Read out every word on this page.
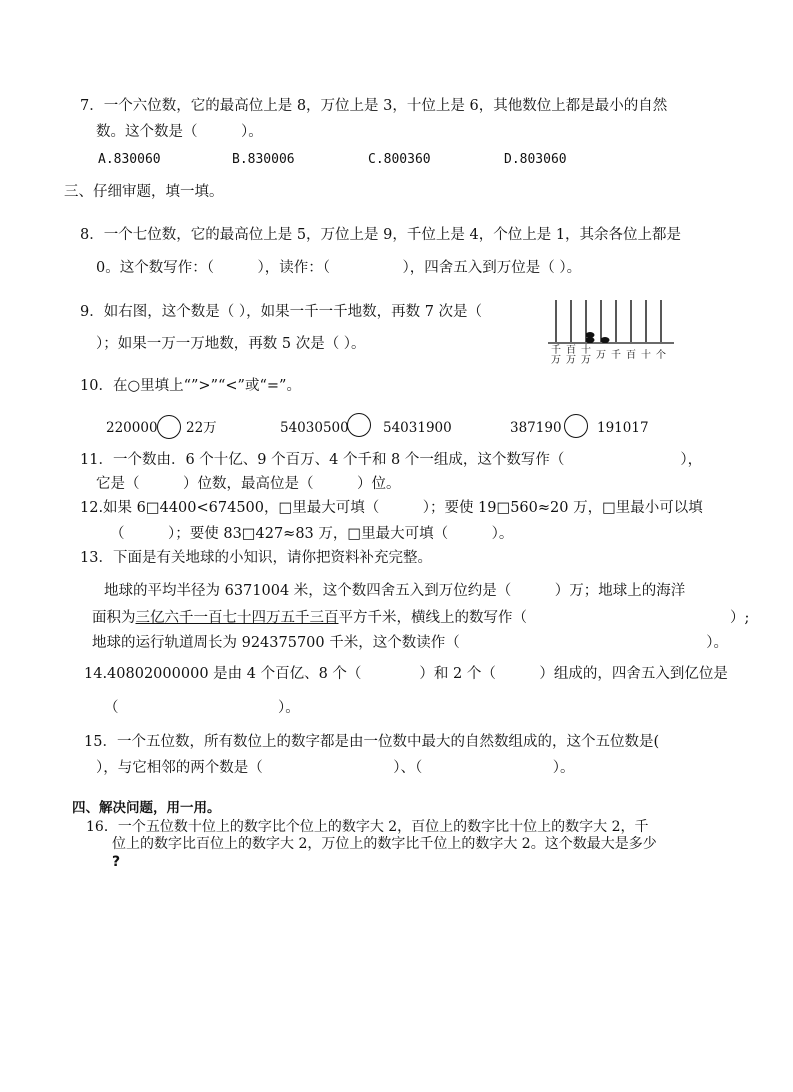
7．一个六位数，它的最高位上是 8，万位上是 3，十位上是 6，其他数位上都是最小的自然
数。这个数是（　　　）。
A.830060	B.830006	C.800360	D.803060
三、仔细审题，填一填。
8．一个七位数，它的最高位上是 5，万位上是 9，千位上是 4，个位上是 1，其余各位上都是
0。这个数写作：（　　　），读作：（　　　　　），四舍五入到万位是（ ）。
9．如右图，这个数是（ ），如果一千一千地数，再数 7 次是（
）；如果一万一万地数，再数 5 次是（ ）。	千万
百万
十万 万 千 百 十 个
10．在○里填上“”>”“<”或“=”。
220000 22万	54030500	54031900	387190	191017
11．一个数由．6 个十亿、9 个百万、4 个千和 8 个一组成，这个数写作（　　　　　　　　），
它是（　　　）位数，最高位是（　　　）位。
12.如果 6□4400<674500，□里最大可填（　　　）；要使 19□560≈20 万，□里最小可以填
（　　　）；要使 83□427≈83 万，□里最大可填（　　　）。
13．下面是有关地球的小知识，请你把资料补充完整。
地球的平均半径为 6371004 米，这个数四舍五入到万位约是（　　　）万；地球上的海洋
面积为三亿六千一百七十四万五千三百平方千米，横线上的数写作（　　　　　　　　　　　　　　）;
地球的运行轨道周长为 924375700 千米，这个数读作（　　　　　　　　　　　　　　　　　）。
14.40802000000 是由 4 个百亿、8 个（　　　　）和 2 个（　　　）组成的，四舍五入到亿位是
（　　　　　　　　　　　）。
15．一个五位数，所有数位上的数字都是由一位数中最大的自然数组成的，这个五位数是(
），与它相邻的两个数是（　　　　　　　　　）、（　　　　　　　　　）。
四、解决问题，用一用。
16．一个五位数十位上的数字比个位上的数字大 2，百位上的数字比十位上的数字大 2，千
位上的数字比百位上的数字大 2，万位上的数字比千位上的数字大 2。这个数最大是多少
?
